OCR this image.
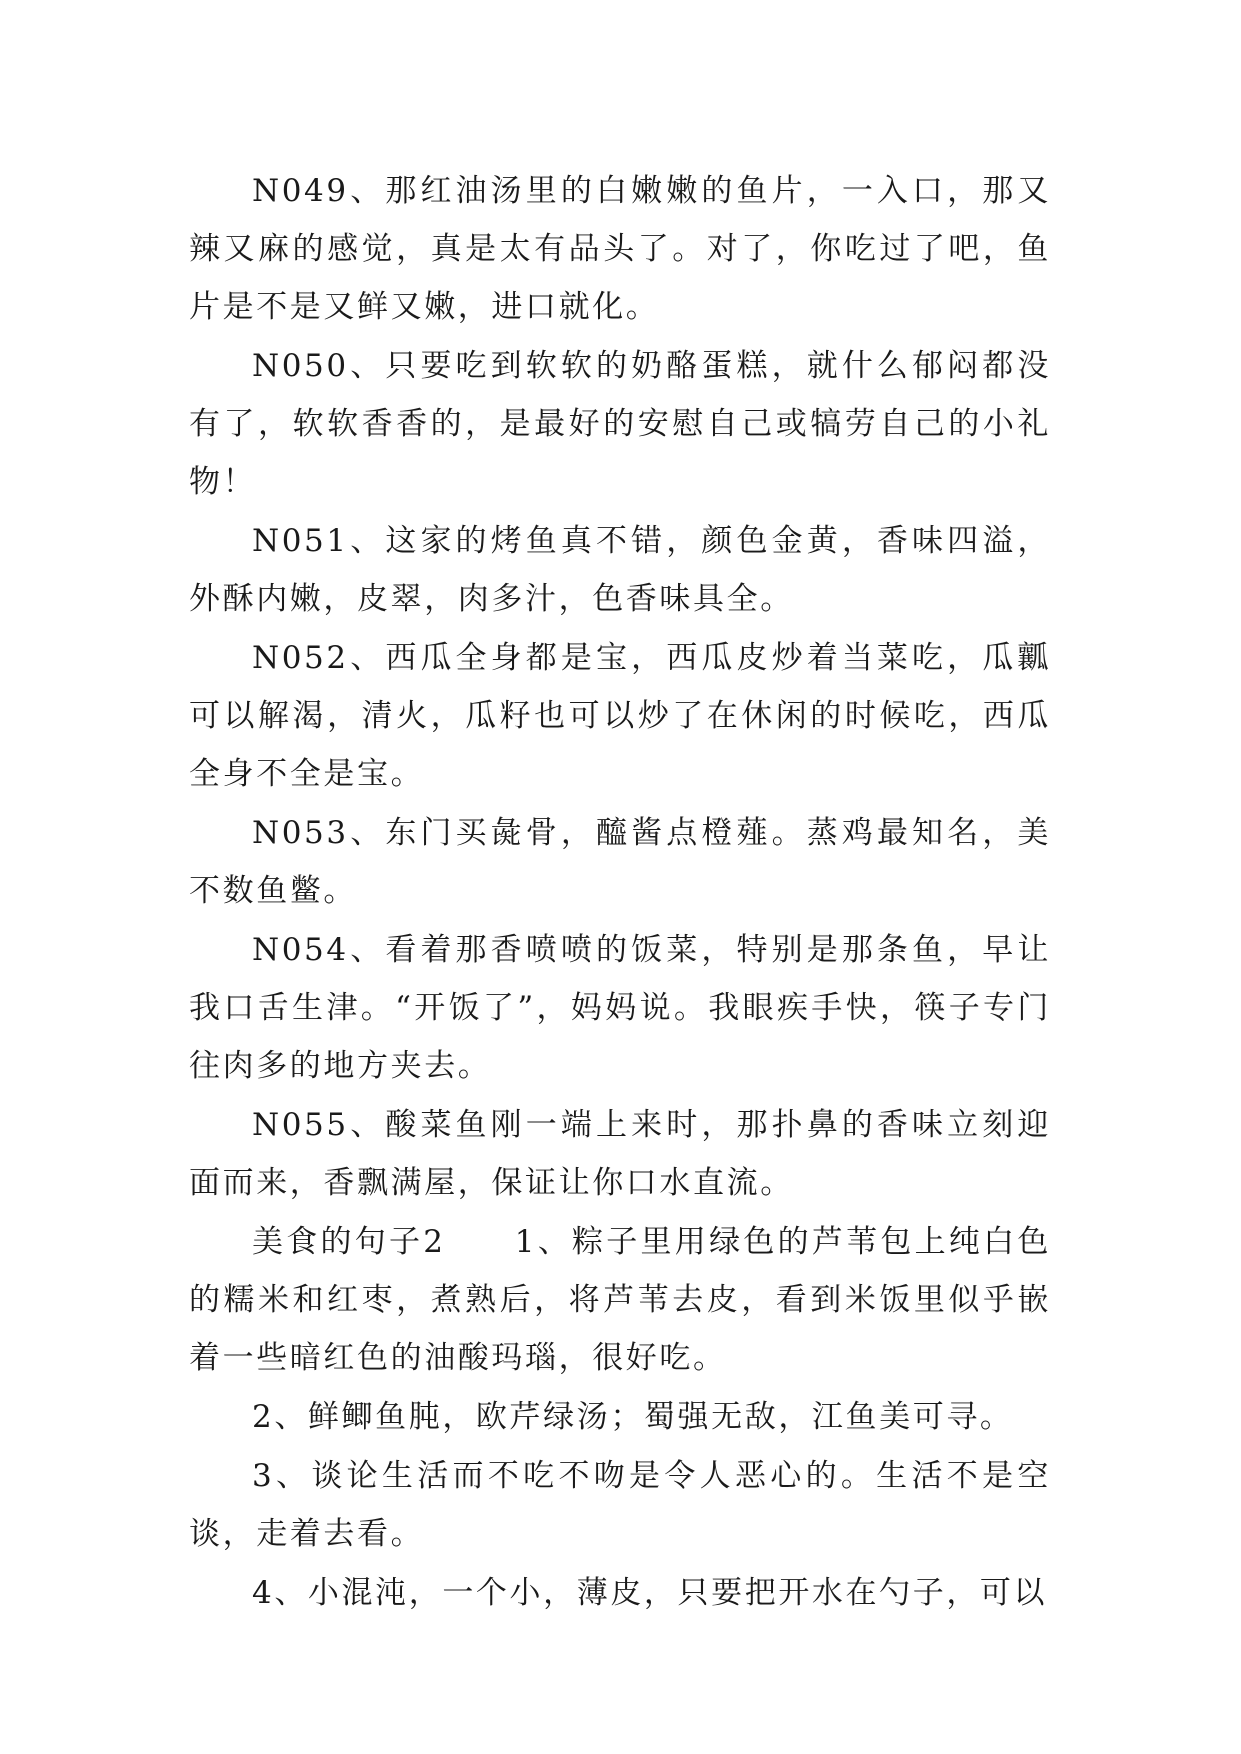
N049、那红油汤里的白嫩嫩的鱼片，一入口，那又辣又麻的感觉，真是太有品头了。对了，你吃过了吧，鱼片是不是又鲜又嫩，进口就化。

N050、只要吃到软软的奶酪蛋糕，就什么郁闷都没有了，软软香香的，是最好的安慰自己或犒劳自己的小礼物！

N051、这家的烤鱼真不错，颜色金黄，香味四溢，外酥内嫩，皮翠，肉多汁，色香味具全。

N052、西瓜全身都是宝，西瓜皮炒着当菜吃，瓜瓤可以解渴，清火，瓜籽也可以炒了在休闲的时候吃，西瓜全身不全是宝。

N053、东门买彘骨，醯酱点橙薤。蒸鸡最知名，美不数鱼鳖。

N054、看着那香喷喷的饭菜，特别是那条鱼，早让我口舌生津。“开饭了”，妈妈说。我眼疾手快，筷子专门往肉多的地方夹去。

N055、酸菜鱼刚一端上来时，那扑鼻的香味立刻迎面而来，香飘满屋，保证让你口水直流。

美食的句子2　　1、粽子里用绿色的芦苇包上纯白色的糯米和红枣，煮熟后，将芦苇去皮，看到米饭里似乎嵌着一些暗红色的油酸玛瑙，很好吃。

2、鲜鲫鱼肫，欧芹绿汤；蜀强无敌，江鱼美可寻。

3、谈论生活而不吃不吻是令人恶心的。生活不是空谈，走着去看。

4、小混沌，一个小，薄皮，只要把开水在勺子，可以
